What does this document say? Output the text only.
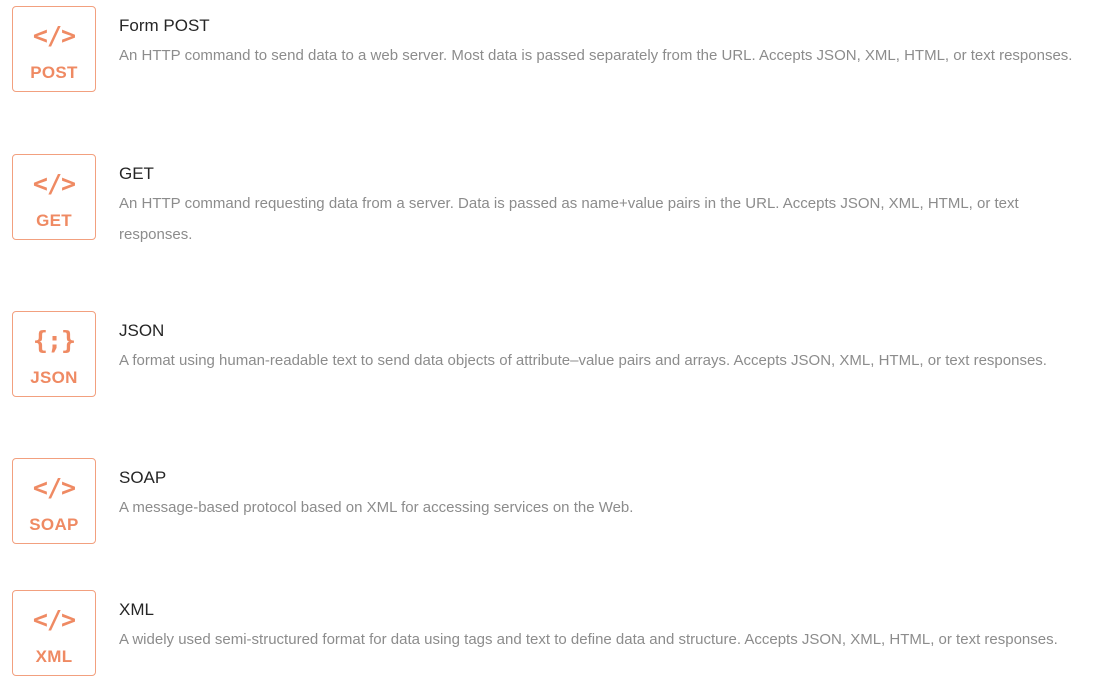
</>
POST
Form POST
An HTTP command to send data to a web server. Most data is passed separately from the URL. Accepts JSON, XML, HTML, or text responses.
</>
GET
GET
An HTTP command requesting data from a server. Data is passed as name+value pairs in the URL. Accepts JSON, XML, HTML, or text responses.
{;}
JSON
JSON
A format using human-readable text to send data objects of attribute–value pairs and arrays. Accepts JSON, XML, HTML, or text responses.
</>
SOAP
SOAP
A message-based protocol based on XML for accessing services on the Web.
</>
XML
XML
A widely used semi-structured format for data using tags and text to define data and structure. Accepts JSON, XML, HTML, or text responses.
